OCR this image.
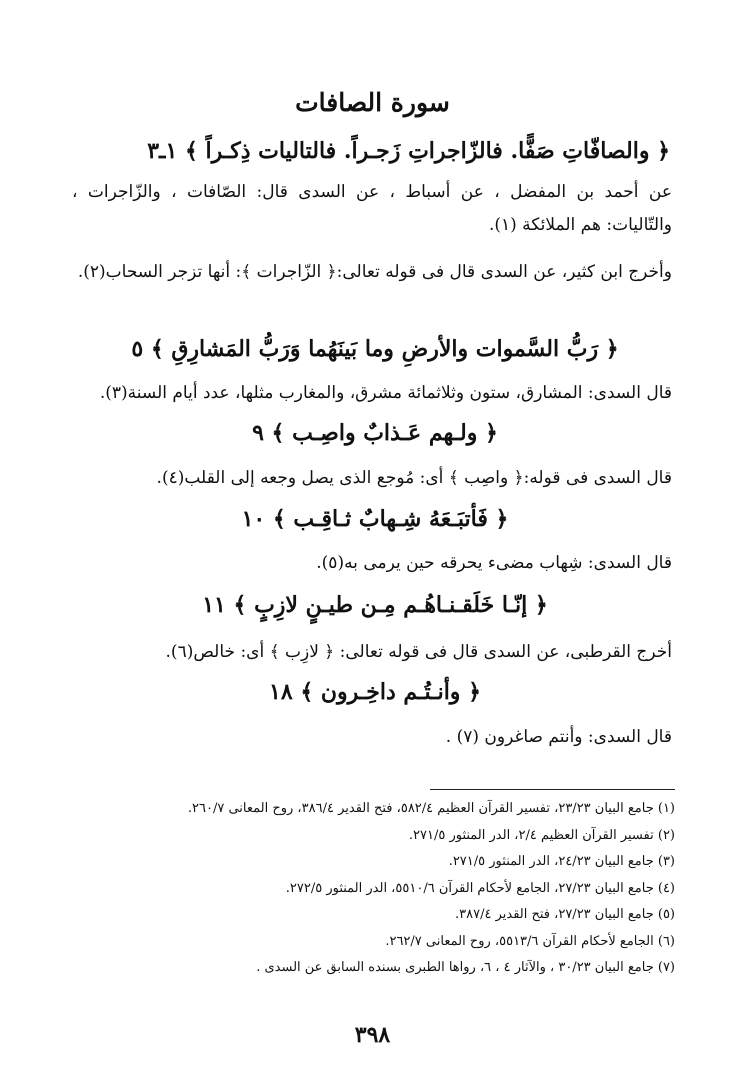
سورة الصافات

﴿ والصافّاتِ صَفًّا. فالزّاجراتِ زَجـراً. فالتاليات ذِكـراً ﴾ ١ـ٣

عن أحمد بن المفضل ، عن أسباط ، عن السدى قال: الصّافات ، والزّاجرات ، والتّاليات: هم الملائكة (١).

وأخرج ابن كثير، عن السدى قال فى قوله تعالى:﴿ الزّاجرات ﴾: أنها تزجر السحاب(٢).

﴿ رَبُّ السَّموات والأرضِ وما بَينَهُما وَرَبُّ المَشارِقِ ﴾ ٥

قال السدى: المشارق، ستون وثلاثمائة مشرق، والمغارب مثلها، عدد أيام السنة(٣).

﴿ ولـهم عَـذابٌ واصِـب ﴾ ٩

قال السدى فى قوله:﴿ واصِب ﴾ أى: مُوجع الذى يصل وجعه إلى القلب(٤).

﴿ فَأتبَـعَهُ شِـهابٌ ثـاقِـب ﴾ ١٠

قال السدى: شِهاب مضىء يحرقه حين يرمى به(٥).

﴿ إنّـا خَلَقـنـاهُـم مِـن طيـنٍ لازِبٍ ﴾ ١١

أخرج القرطبى، عن السدى قال فى قوله تعالى: ﴿ لازِب ﴾ أى: خالص(٦).

﴿ وأنـتُـم داخِـرون ﴾ ١٨

قال السدى: وأنتم صاغرون (٧) .

(١) جامع البيان ٢٣/٢٣، تفسير القرآن العظيم ٥٨٢/٤، فتح القدير ٣٨٦/٤، روح المعانى ٢٦٠/٧.
(٢) تفسير القرآن العظيم ٢/٤، الدر المنثور ٢٧١/٥.
(٣) جامع البيان ٢٤/٢٣، الدر المنثور ٢٧١/٥.
(٤) جامع البيان ٢٧/٢٣، الجامع لأحكام القرآن ٥٥١٠/٦، الدر المنثور ٢٧٢/٥.
(٥) جامع البيان ٢٧/٢٣، فتح القدير ٣٨٧/٤.
(٦) الجامع لأحكام القرآن ٥٥١٣/٦، روح المعانى ٢٦٢/٧.
(٧) جامع البيان ٣٠/٢٣ ، والآثار ٤ ، ٦، رواها الطبرى بسنده السابق عن السدى .
٣٩٨
